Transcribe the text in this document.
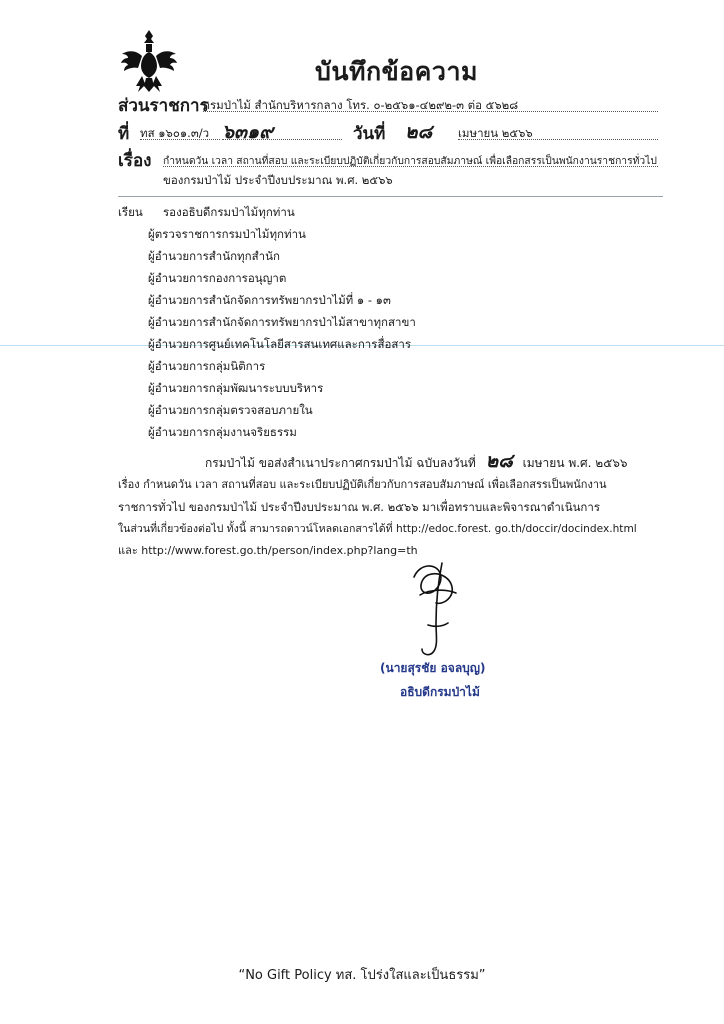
บันทึกข้อความ
ส่วนราชการ
กรมป่าไม้ สำนักบริหารกลาง โทร. ๐-๒๕๖๑-๔๒๙๒-๓ ต่อ ๕๖๒๘
ที่ ทส ๑๖๐๑.๓/ว ๖๓๑๙	วันที่ ๒๘ เมษายน ๒๕๖๖
เรื่อง กำหนดวัน เวลา สถานที่สอบ และระเบียบปฏิบัติเกี่ยวกับการสอบสัมภาษณ์ เพื่อเลือกสรรเป็นพนักงานราชการทั่วไป
ของกรมป่าไม้ ประจำปีงบประมาณ พ.ศ. ๒๕๖๖
เรียน รองอธิบดีกรมป่าไม้ทุกท่าน
ผู้ตรวจราชการกรมป่าไม้ทุกท่าน
ผู้อำนวยการสำนักทุกสำนัก
ผู้อำนวยการกองการอนุญาต
ผู้อำนวยการสำนักจัดการทรัพยากรป่าไม้ที่ ๑ - ๑๓
ผู้อำนวยการสำนักจัดการทรัพยากรป่าไม้สาขาทุกสาขา
ผู้อำนวยการศูนย์เทคโนโลยีสารสนเทศและการสื่อสาร
ผู้อำนวยการกลุ่มนิติการ
ผู้อำนวยการกลุ่มพัฒนาระบบบริหาร
ผู้อำนวยการกลุ่มตรวจสอบภายใน
ผู้อำนวยการกลุ่มงานจริยธรรม
กรมป่าไม้ ขอส่งสำเนาประกาศกรมป่าไม้ ฉบับลงวันที่ ๒๘ เมษายน พ.ศ. ๒๕๖๖
เรื่อง กำหนดวัน เวลา สถานที่สอบ และระเบียบปฏิบัติเกี่ยวกับการสอบสัมภาษณ์ เพื่อเลือกสรรเป็นพนักงาน
ราชการทั่วไป ของกรมป่าไม้ ประจำปีงบประมาณ พ.ศ. ๒๕๖๖ มาเพื่อทราบและพิจารณาดำเนินการ
ในส่วนที่เกี่ยวข้องต่อไป ทั้งนี้ สามารถดาวน์โหลดเอกสารได้ที่ http://edoc.forest. go.th/doccir/docindex.html
และ http://www.forest.go.th/person/index.php?lang=th
(นายสุรชัย อจลบุญ)
อธิบดีกรมป่าไม้
“No Gift Policy ทส. โปร่งใสและเป็นธรรม”
